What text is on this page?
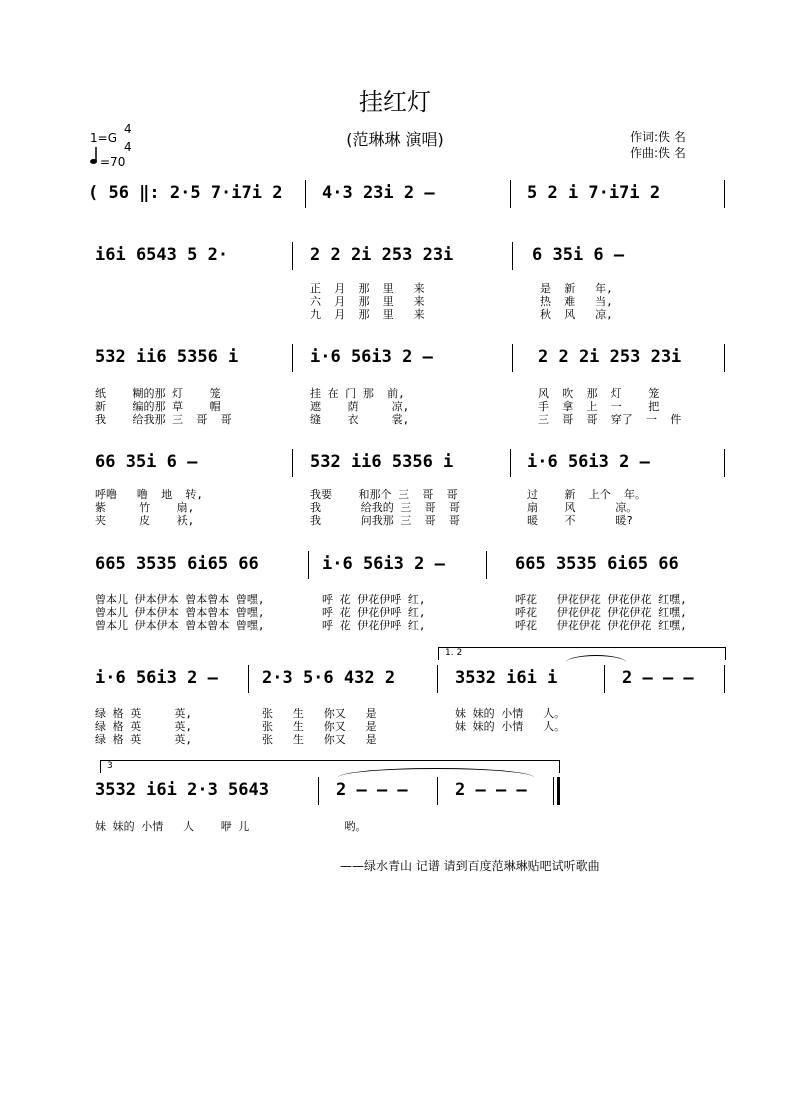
挂红灯
(范琳琳 演唱)
1=G
4
4
=70
作词:佚 名
作曲:佚 名
( 56 ‖: 2·5 7·i7i 2 4·3 23i 2 —	5 2 i 7·i7i 2
i6i 6543 5 2·	2 2 2i 253 23i	6 35i 6 —
正  月  那  里   来	是  新   年,
六  月  那  里   来	热  难   当,
九  月  那  里   来	秋  风   凉,
532 ii6 5356 i	i·6 56i3 2 —	2 2 2i 253 23i
纸    糊的那 灯    笼	挂 在 门 那  前,	风  吹  那  灯    笼
新    编的那 草    帽	遮    荫     凉,	手  拿  上  一    把
我    给我那 三  哥  哥	缝    衣     裳,	三  哥  哥  穿了  一  件
66 35i 6 —	532 ii6 5356 i	i·6 56i3 2 —
呼噜   噜  地  转,	我要    和那个 三  哥  哥	过    新  上个  年。
紫     竹    扇,	我      给我的 三  哥  哥	扇    风      凉。
夹     皮    袄,	我      问我那 三  哥  哥	暖    不      暖?
665 3535 6i65 66	i·6 56i3 2 —	665 3535 6i65 66
曾本儿 伊本伊本 曾本曾本 曾嘿,	呼 花 伊花伊呼 红,	呼花   伊花伊花 伊花伊花 红嘿,
曾本儿 伊本伊本 曾本曾本 曾嘿,	呼 花 伊花伊呼 红,	呼花   伊花伊花 伊花伊花 红嘿,
曾本儿 伊本伊本 曾本曾本 曾嘿,	呼 花 伊花伊呼 红,	呼花   伊花伊花 伊花伊花 红嘿,
1. 2
i·6 56i3 2 —	2·3 5·6 432 2	3532 i6i i	2 — — —
绿 格 英     英,	张   生   你又   是	妹 妹的 小情   人。
绿 格 英     英,	张   生   你又   是	妹 妹的 小情   人。
绿 格 英     英,	张   生   你又   是
3
3532 i6i 2·3 5643	2 — — —	2 — — —
妹 妹的 小情   人    咿 儿	哟。
——绿水青山 记谱 请到百度范琳琳贴吧试听歌曲
